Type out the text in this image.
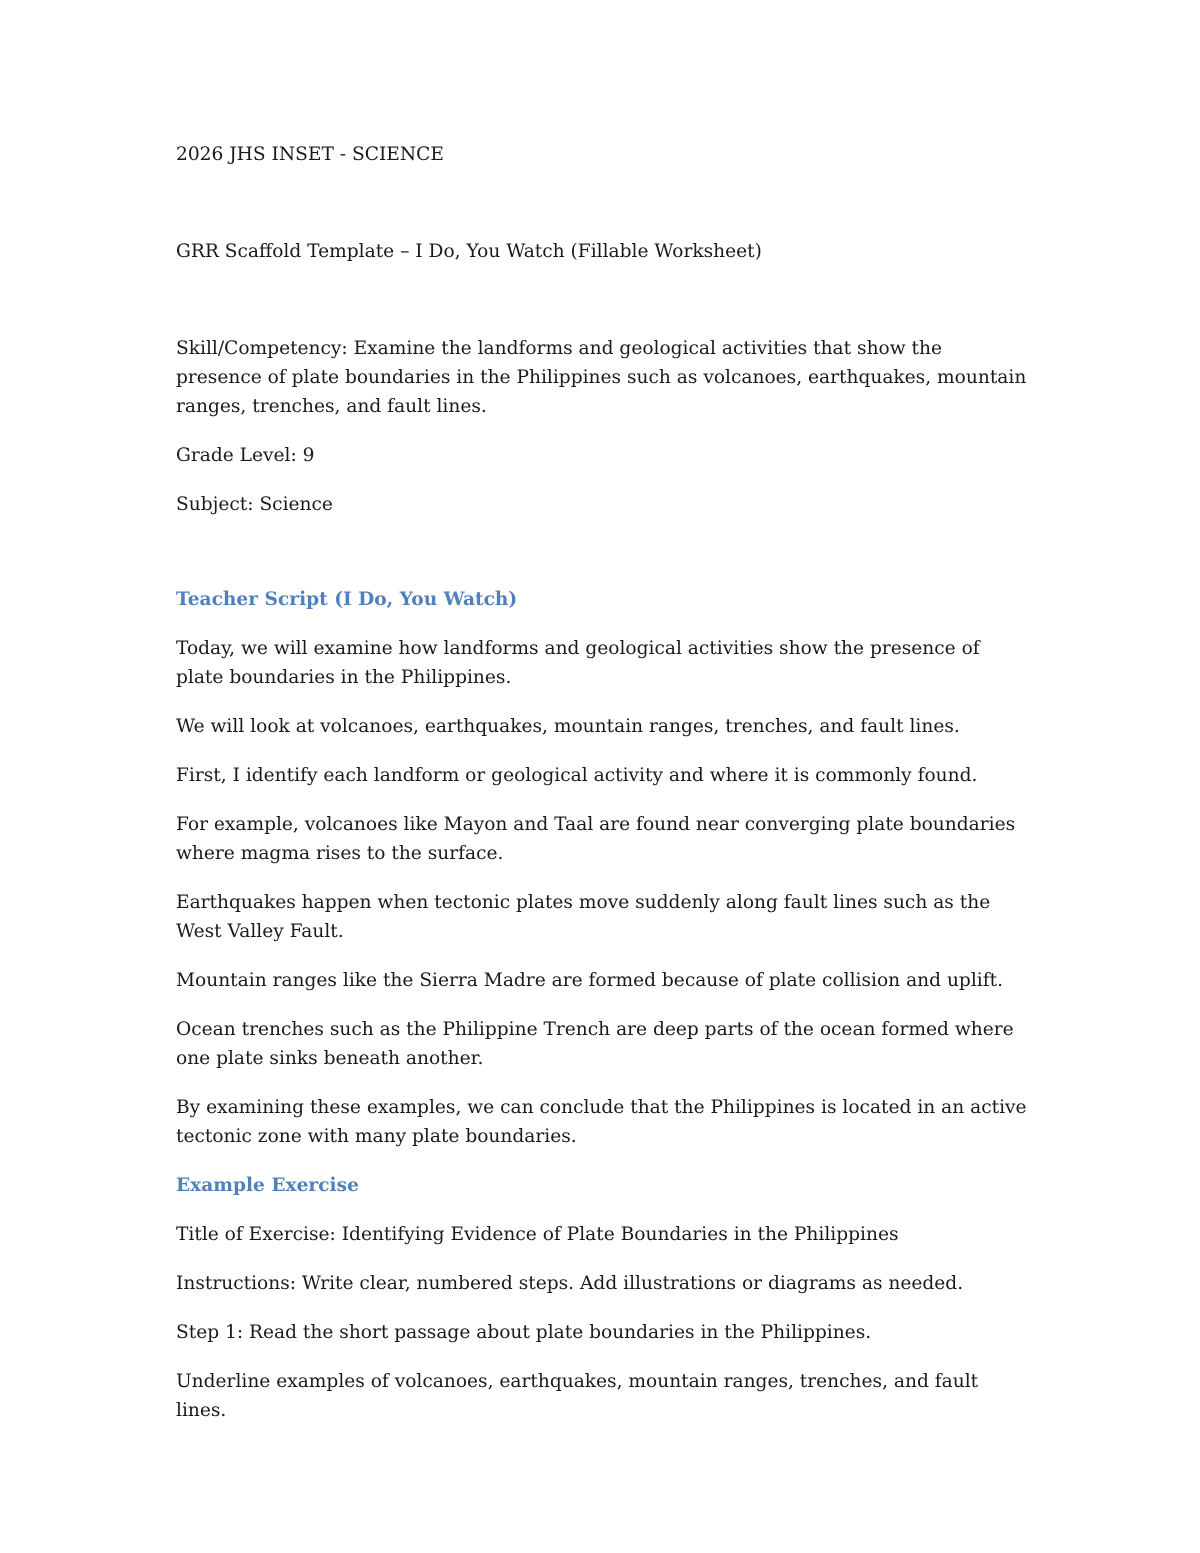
2026 JHS INSET - SCIENCE

GRR Scaffold Template – I Do, You Watch (Fillable Worksheet)

Skill/Competency: Examine the landforms and geological activities that show the presence of plate boundaries in the Philippines such as volcanoes, earthquakes, mountain ranges, trenches, and fault lines.

Grade Level: 9

Subject: Science

Teacher Script (I Do, You Watch)

Today, we will examine how landforms and geological activities show the presence of plate boundaries in the Philippines.

We will look at volcanoes, earthquakes, mountain ranges, trenches, and fault lines.

First, I identify each landform or geological activity and where it is commonly found.

For example, volcanoes like Mayon and Taal are found near converging plate boundaries where magma rises to the surface.

Earthquakes happen when tectonic plates move suddenly along fault lines such as the West Valley Fault.

Mountain ranges like the Sierra Madre are formed because of plate collision and uplift.

Ocean trenches such as the Philippine Trench are deep parts of the ocean formed where one plate sinks beneath another.

By examining these examples, we can conclude that the Philippines is located in an active tectonic zone with many plate boundaries.

Example Exercise

Title of Exercise: Identifying Evidence of Plate Boundaries in the Philippines

Instructions: Write clear, numbered steps. Add illustrations or diagrams as needed.

Step 1: Read the short passage about plate boundaries in the Philippines.

Underline examples of volcanoes, earthquakes, mountain ranges, trenches, and fault lines.
